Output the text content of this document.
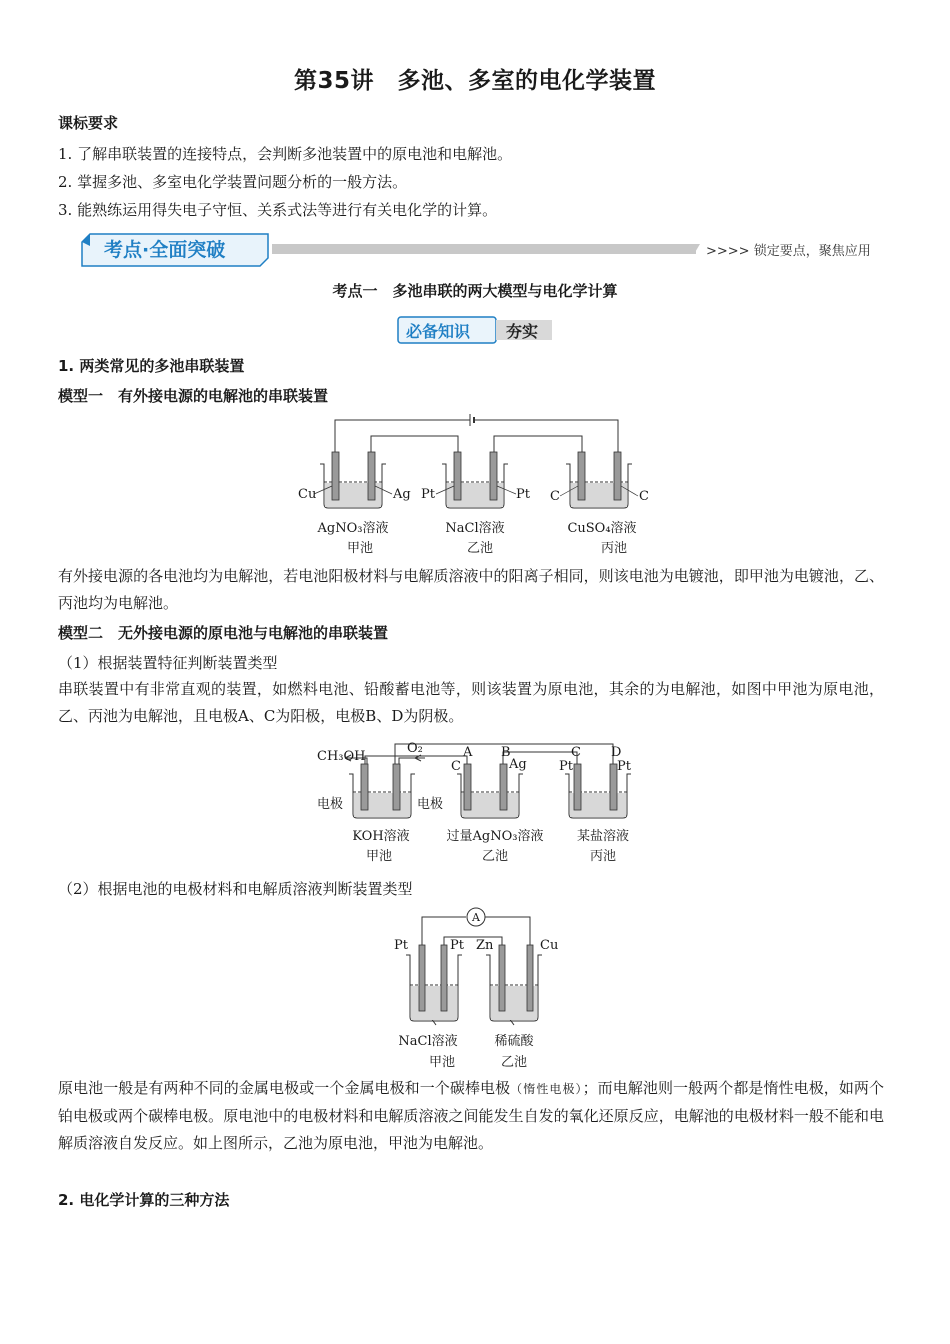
第35讲　多池、多室的电化学装置
课标要求
1. 了解串联装置的连接特点，会判断多池装置中的原电池和电解池。
2. 掌握多池、多室电化学装置问题分析的一般方法。
3. 能熟练运用得失电子守恒、关系式法等进行有关电化学的计算。
考点·全面突破	>>>> 锁定要点，聚焦应用
考点一　多池串联的两大模型与电化学计算
必备知识 夯实
1. 两类常见的多池串联装置
模型一　有外接电源的电解池的串联装置
Cu	Ag Pt	Pt C	C
AgNO₃溶液	NaCl溶液	CuSO₄溶液
甲池	乙池	丙池
有外接电源的各电池均为电解池，若电池阳极材料与电解质溶液中的阳离子相同，则该电池为电镀池，即甲池为电镀池，乙、丙池均为电解池。
模型二　无外接电源的原电池与电解池的串联装置
（1）根据装置特征判断装置类型
串联装置中有非常直观的装置，如燃料电池、铅酸蓄电池等，则该装置为原电池，其余的为电解池，如图中甲池为原电池，乙、丙池为电解池，且电极A、C为阳极，电极B、D为阴极。
CH₃OH
O₂
电极	电极
A B	C D
C	Ag Pt	Pt
KOH溶液	过量AgNO₃溶液	某盐溶液
甲池	乙池	丙池
（2）根据电池的电极材料和电解质溶液判断装置类型
A
Pt	Pt Zn	Cu
NaCl溶液	稀硫酸
甲池	乙池
原电池一般是有两种不同的金属电极或一个金属电极和一个碳棒电极（惰性电极）；而电解池则一般两个都是惰性电极，如两个铂电极或两个碳棒电极。原电池中的电极材料和电解质溶液之间能发生自发的氧化还原反应，电解池的电极材料一般不能和电解质溶液自发反应。如上图所示，乙池为原电池，甲池为电解池。
2. 电化学计算的三种方法
